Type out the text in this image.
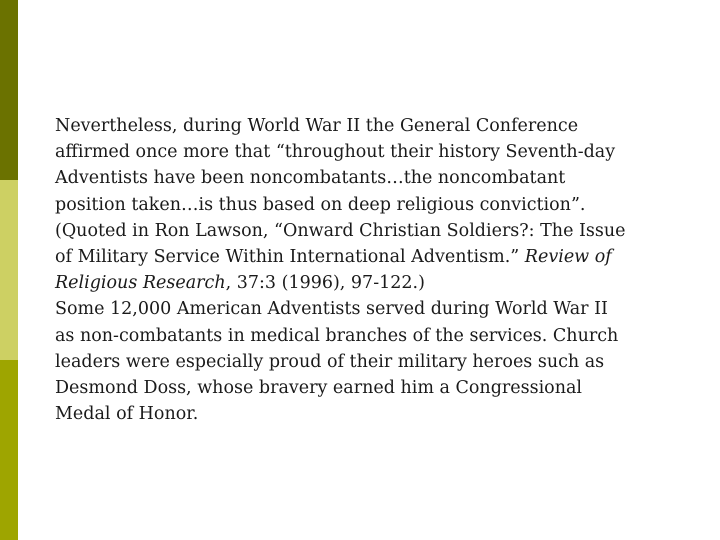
Nevertheless, during World War II the General Conference
affirmed once more that “throughout their history Seventh-day
Adventists have been noncombatants…the noncombatant
position taken…is thus based on deep religious conviction”.
(Quoted in Ron Lawson, “Onward Christian Soldiers?: The Issue
of Military Service Within International Adventism.” Review of
Religious Research, 37:3 (1996), 97-122.)
Some 12,000 American Adventists served during World War II
as non-combatants in medical branches of the services. Church
leaders were especially proud of their military heroes such as
Desmond Doss, whose bravery earned him a Congressional
Medal of Honor.
